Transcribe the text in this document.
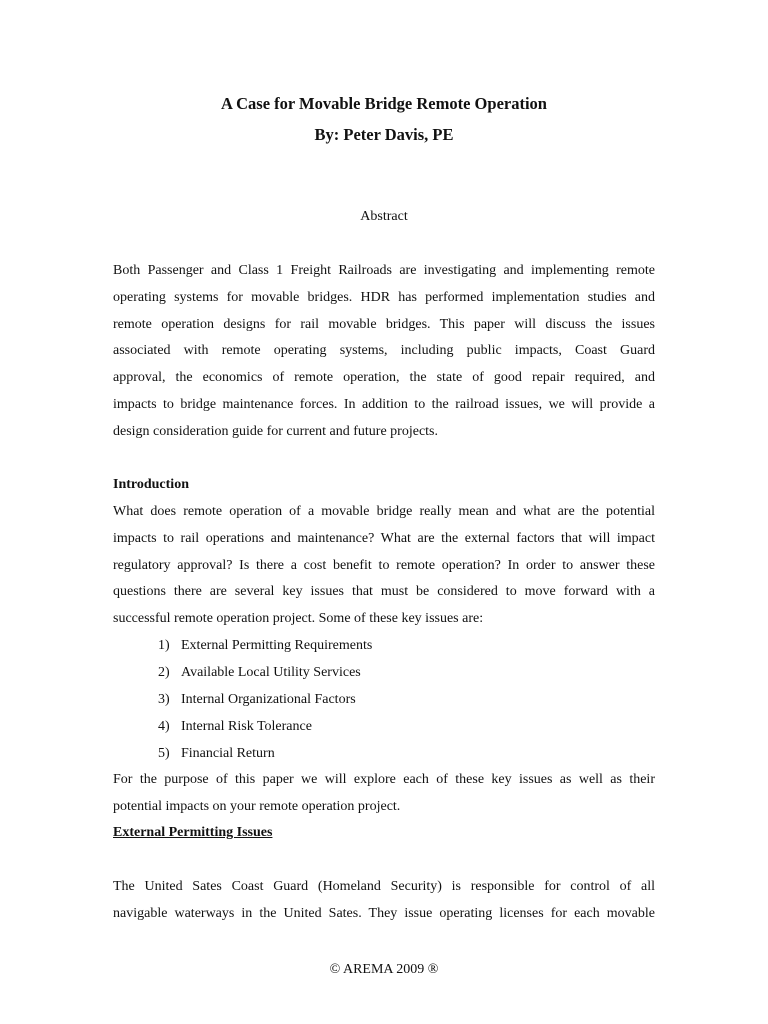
A Case for Movable Bridge Remote Operation
By: Peter Davis, PE
Abstract
Both Passenger and Class 1 Freight Railroads are investigating and implementing remote
operating systems for movable bridges. HDR has performed implementation studies and
remote operation designs for rail movable bridges. This paper will discuss the issues
associated with remote operating systems, including public impacts, Coast Guard
approval, the economics of remote operation, the state of good repair required, and
impacts to bridge maintenance forces. In addition to the railroad issues, we will provide a
design consideration guide for current and future projects.
Introduction
What does remote operation of a movable bridge really mean and what are the potential
impacts to rail operations and maintenance? What are the external factors that will impact
regulatory approval? Is there a cost benefit to remote operation? In order to answer these
questions there are several key issues that must be considered to move forward with a
successful remote operation project. Some of these key issues are:
1) External Permitting Requirements
2) Available Local Utility Services
3) Internal Organizational Factors
4) Internal Risk Tolerance
5) Financial Return
For the purpose of this paper we will explore each of these key issues as well as their
potential impacts on your remote operation project.
External Permitting Issues
The United Sates Coast Guard (Homeland Security) is responsible for control of all
navigable waterways in the United Sates. They issue operating licenses for each movable
© AREMA 2009 ®
